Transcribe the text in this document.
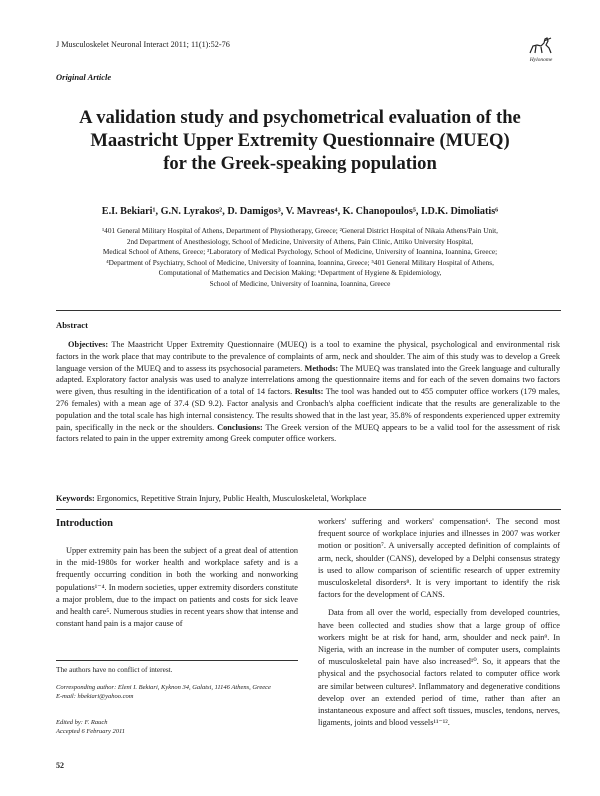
J Musculoskelet Neuronal Interact 2011; 11(1):52-76
Original Article
Hylonome
A validation study and psychometrical evaluation of the
Maastricht Upper Extremity Questionnaire (MUEQ)
for the Greek-speaking population
E.I. Bekiari¹, G.N. Lyrakos², D. Damigos³, V. Mavreas⁴, K. Chanopoulos⁵, I.D.K. Dimoliatis⁶
¹401 General Military Hospital of Athens, Department of Physiotherapy, Greece; ²General District Hospital of Nikaia Athens/Pain Unit,
2nd Department of Anesthesiology, School of Medicine, University of Athens, Pain Clinic, Attiko University Hospital,
Medical School of Athens, Greece; ³Laboratory of Medical Psychology, School of Medicine, University of Ioannina, Ioannina, Greece;
⁴Department of Psychiatry, School of Medicine, University of Ioannina, Ioannina, Greece; ⁵401 General Military Hospital of Athens,
Computational of Mathematics and Decision Making; ⁶Department of Hygiene & Epidemiology,
School of Medicine, University of Ioannina, Ioannina, Greece
Abstract
Objectives: The Maastricht Upper Extremity Questionnaire (MUEQ) is a tool to examine the physical, psychological and environmental risk factors in the work place that may contribute to the prevalence of complaints of arm, neck and shoulder. The aim of this study was to develop a Greek language version of the MUEQ and to assess its psychosocial parameters. Methods: The MUEQ was translated into the Greek language and culturally adapted. Exploratory factor analysis was used to analyze interrelations among the questionnaire items and for each of the seven domains two factors were given, thus resulting in the identification of a total of 14 factors. Results: The tool was handed out to 455 computer office workers (179 males, 276 females) with a mean age of 37.4 (SD 9.2). Factor analysis and Cronbach's alpha coefficient indicate that the results are generalizable to the population and the total scale has high internal consistency. The results showed that in the last year, 35.8% of respondents experienced upper extremity pain, specifically in the neck or the shoulders. Conclusions: The Greek version of the MUEQ appears to be a valid tool for the assessment of risk factors related to pain in the upper extremity among Greek computer office workers.
Keywords: Ergonomics, Repetitive Strain Injury, Public Health, Musculoskeletal, Workplace
Introduction
Upper extremity pain has been the subject of a great deal of attention in the mid-1980s for worker health and workplace safety and is a frequently occurring condition in both the working and nonworking populations¹⁻⁴. In modern societies, upper extremity disorders constitute a major problem, due to the impact on patients and costs for sick leave and health care⁵. Numerous studies in recent years show that intense and constant hand pain is a major cause of

workers' suffering and workers' compensation⁶. The second most frequent source of workplace injuries and illnesses in 2007 was worker motion or position⁷. A universally accepted definition of complaints of arm, neck, shoulder (CANS), developed by a Delphi consensus strategy is used to allow comparison of scientific research of upper extremity musculoskeletal disorders⁸. It is very important to identify the risk factors for the development of CANS.

Data from all over the world, especially from developed countries, have been collected and studies show that a large group of office workers might be at risk for hand, arm, shoulder and neck pain⁹. In Nigeria, with an increase in the number of computer users, complaints of musculoskeletal pain have also increased¹⁰. So, it appears that the physical and the psychosocial factors related to computer office work are similar between cultures². Inflammatory and degenerative conditions develop over an extended period of time, rather than after an instantaneous exposure and affect soft tissues, muscles, tendons, nerves, ligaments, joints and blood vessels¹¹⁻¹².

The authors have no conflict of interest.
Corresponding author: Eleni I. Bekiari, Kyknon 34, Galatsi, 11146 Athens, Greece
E-mail: hbekiari@yahoo.com
Edited by: F. Rauch
Accepted 6 February 2011
52
